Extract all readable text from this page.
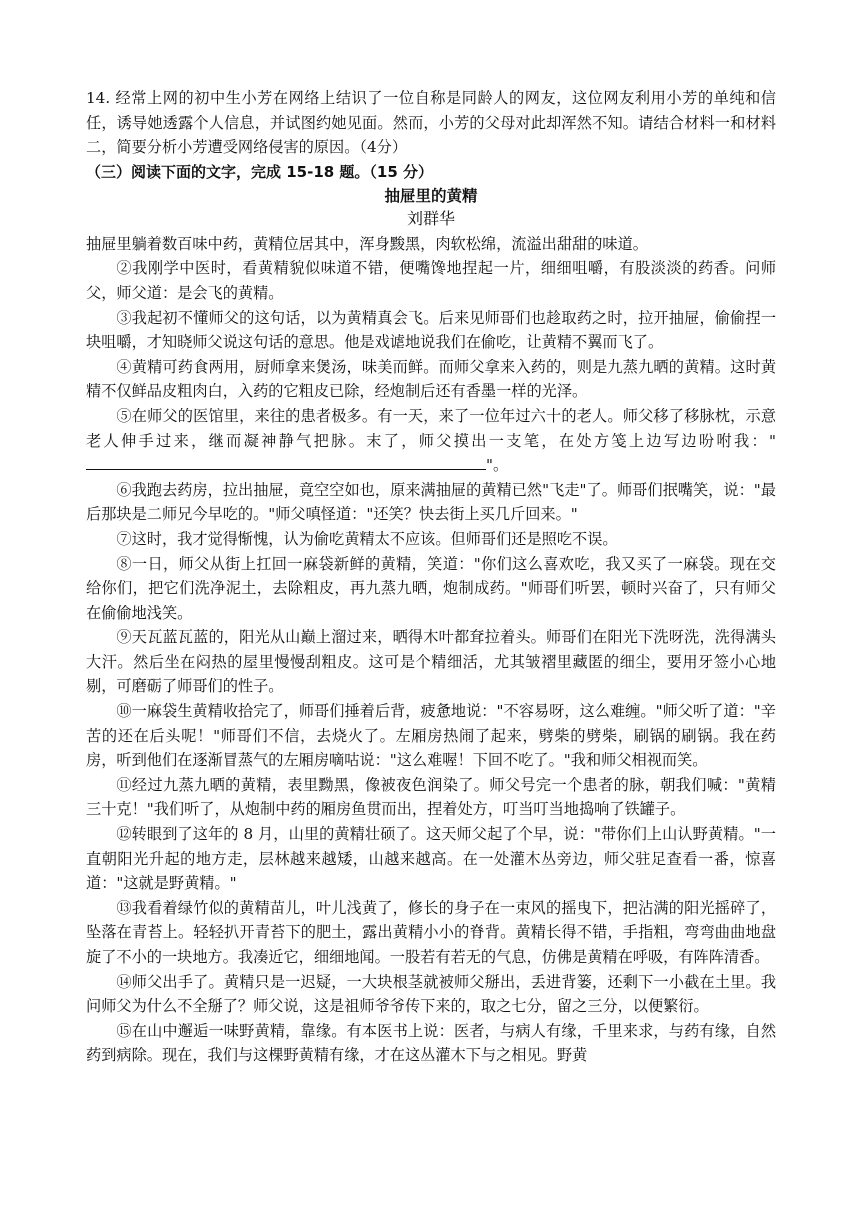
14. 经常上网的初中生小芳在网络上结识了一位自称是同龄人的网友，这位网友利用小芳的单纯和信任，诱导她透露个人信息，并试图约她见面。然而，小芳的父母对此却浑然不知。请结合材料一和材料二，简要分析小芳遭受网络侵害的原因。（4分）

（三）阅读下面的文字，完成 15-18 题。（15 分）

抽屉里的黄精

刘群华

抽屉里躺着数百味中药，黄精位居其中，浑身黢黑，肉软松绵，流溢出甜甜的味道。

②我刚学中医时，看黄精貌似味道不错，便嘴馋地捏起一片，细细咀嚼，有股淡淡的药香。问师父，师父道：是会飞的黄精。

③我起初不懂师父的这句话，以为黄精真会飞。后来见师哥们也趁取药之时，拉开抽屉，偷偷捏一块咀嚼，才知晓师父说这句话的意思。他是戏谑地说我们在偷吃，让黄精不翼而飞了。

④黄精可药食两用，厨师拿来煲汤，味美而鲜。而师父拿来入药的，则是九蒸九晒的黄精。这时黄精不仅鲜品皮粗肉白，入药的它粗皮已除，经炮制后还有香墨一样的光泽。

⑤在师父的医馆里，来往的患者极多。有一天，来了一位年过六十的老人。师父移了移脉枕，示意老人伸手过来，继而凝神静气把脉。末了，师父摸出一支笔，在处方笺上边写边吩咐我：""。

⑥我跑去药房，拉出抽屉，竟空空如也，原来满抽屉的黄精已然"飞走"了。师哥们抿嘴笑，说："最后那块是二师兄今早吃的。"师父嗔怪道："还笑？快去街上买几斤回来。"

⑦这时，我才觉得惭愧，认为偷吃黄精太不应该。但师哥们还是照吃不误。

⑧一日，师父从街上扛回一麻袋新鲜的黄精，笑道："你们这么喜欢吃，我又买了一麻袋。现在交给你们，把它们洗净泥土，去除粗皮，再九蒸九晒，炮制成药。"师哥们听罢，顿时兴奋了，只有师父在偷偷地浅笑。

⑨天瓦蓝瓦蓝的，阳光从山巅上溜过来，晒得木叶都耷拉着头。师哥们在阳光下洗呀洗，洗得满头大汗。然后坐在闷热的屋里慢慢刮粗皮。这可是个精细活，尤其皱褶里藏匿的细尘，要用牙签小心地剔，可磨砺了师哥们的性子。

⑩一麻袋生黄精收拾完了，师哥们捶着后背，疲惫地说："不容易呀，这么难缠。"师父听了道："辛苦的还在后头呢！"师哥们不信，去烧火了。左厢房热闹了起来，劈柴的劈柴，刷锅的刷锅。我在药房，听到他们在逐渐冒蒸气的左厢房嘀咕说："这么难喔！下回不吃了。"我和师父相视而笑。

⑪经过九蒸九晒的黄精，表里黝黑，像被夜色润染了。师父号完一个患者的脉，朝我们喊："黄精三十克！"我们听了，从炮制中药的厢房鱼贯而出，捏着处方，叮当叮当地捣响了铁罐子。

⑫转眼到了这年的 8 月，山里的黄精壮硕了。这天师父起了个早，说："带你们上山认野黄精。"一直朝阳光升起的地方走，层林越来越矮，山越来越高。在一处灌木丛旁边，师父驻足查看一番，惊喜道："这就是野黄精。"

⑬我看着绿竹似的黄精苗儿，叶儿浅黄了，修长的身子在一束风的摇曳下，把沾满的阳光摇碎了，坠落在青苔上。轻轻扒开青苔下的肥土，露出黄精小小的脊背。黄精长得不错，手指粗，弯弯曲曲地盘旋了不小的一块地方。我凑近它，细细地闻。一股若有若无的气息，仿佛是黄精在呼吸，有阵阵清香。

⑭师父出手了。黄精只是一迟疑，一大块根茎就被师父掰出，丢进背篓，还剩下一小截在土里。我问师父为什么不全掰了？师父说，这是祖师爷爷传下来的，取之七分，留之三分，以便繁衍。

⑮在山中邂逅一味野黄精，靠缘。有本医书上说：医者，与病人有缘，千里来求，与药有缘，自然药到病除。现在，我们与这棵野黄精有缘，才在这丛灌木下与之相见。野黄
